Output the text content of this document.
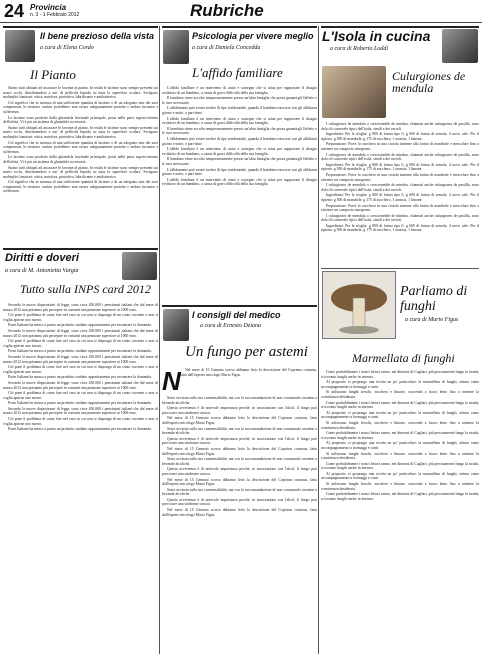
24 Provincia
n. 3 - 1 Febbraio 2012	Rubriche
Il bene prezioso della vista
a cura di Elena Cordo
Il Pianto

Siamo tutti abituati ad associare le lacrime al pianto. In realtà le lacrime sono sempre presenti sui nostri occhi, distribuendosi a mo' di pellicola liquida su tutta la superficie oculare. Svolgono molteplici funzioni: ottica, nutritiva, protettiva, lubrificante e antibatterica.

Ciò significa che in assenza di una sufficiente quantità di lacrime o di un adeguato mix dei suoi componenti, le strutture oculari potrebbero non essere adeguatamente protette e andare incontro a sofferenza.

Le lacrime sono prodotte dalla ghiandola lacrimale principale, posta nella parte supero-esterna dell'orbita. Vi è poi un sistema di ghiandole accessorie.

Siamo tutti abituati ad associare le lacrime al pianto. In realtà le lacrime sono sempre presenti sui nostri occhi, distribuendosi a mo' di pellicola liquida su tutta la superficie oculare. Svolgono molteplici funzioni: ottica, nutritiva, protettiva, lubrificante e antibatterica.

Ciò significa che in assenza di una sufficiente quantità di lacrime o di un adeguato mix dei suoi componenti, le strutture oculari potrebbero non essere adeguatamente protette e andare incontro a sofferenza.

Le lacrime sono prodotte dalla ghiandola lacrimale principale, posta nella parte supero-esterna dell'orbita. Vi è poi un sistema di ghiandole accessorie.

Siamo tutti abituati ad associare le lacrime al pianto. In realtà le lacrime sono sempre presenti sui nostri occhi, distribuendosi a mo' di pellicola liquida su tutta la superficie oculare. Svolgono molteplici funzioni: ottica, nutritiva, protettiva, lubrificante e antibatterica.

Ciò significa che in assenza di una sufficiente quantità di lacrime o di un adeguato mix dei suoi componenti, le strutture oculari potrebbero non essere adeguatamente protette e andare incontro a sofferenza.

Diritti e doveri
a cura di M. Antonietta Vurgia
Tutto sulla INPS card 2012

Secondo le nuove disposizioni di legge, sono circa 450.000 i pensionati italiani che dal mese di marzo 2012 non potranno più percepire in contanti una pensione superiore ai 1000 euro.

Ciò pone il problema di come fare nel caso in cui non si disponga di un conto corrente o non si voglia aprirne uno nuovo.

Poste Italiane ha messo a punto un prodotto studiato appositamente per incontrare la domanda.

Secondo le nuove disposizioni di legge, sono circa 450.000 i pensionati italiani che dal mese di marzo 2012 non potranno più percepire in contanti una pensione superiore ai 1000 euro.

Ciò pone il problema di come fare nel caso in cui non si disponga di un conto corrente o non si voglia aprirne uno nuovo.

Poste Italiane ha messo a punto un prodotto studiato appositamente per incontrare la domanda.

Secondo le nuove disposizioni di legge, sono circa 450.000 i pensionati italiani che dal mese di marzo 2012 non potranno più percepire in contanti una pensione superiore ai 1000 euro.

Ciò pone il problema di come fare nel caso in cui non si disponga di un conto corrente o non si voglia aprirne uno nuovo.

Poste Italiane ha messo a punto un prodotto studiato appositamente per incontrare la domanda.

Secondo le nuove disposizioni di legge, sono circa 450.000 i pensionati italiani che dal mese di marzo 2012 non potranno più percepire in contanti una pensione superiore ai 1000 euro.

Ciò pone il problema di come fare nel caso in cui non si disponga di un conto corrente o non si voglia aprirne uno nuovo.

Poste Italiane ha messo a punto un prodotto studiato appositamente per incontrare la domanda.

Secondo le nuove disposizioni di legge, sono circa 450.000 i pensionati italiani che dal mese di marzo 2012 non potranno più percepire in contanti una pensione superiore ai 1000 euro.

Ciò pone il problema di come fare nel caso in cui non si disponga di un conto corrente o non si voglia aprirne uno nuovo.

Poste Italiane ha messo a punto un prodotto studiato appositamente per incontrare la domanda.

Psicologia per vivere meglio
a cura di Daniela Concedda
L'affido familiare

L'affido familiare è un intervento di aiuto e sostegno che si attua per supportare il disagio evolutivo di un bambino, a causa di gravi difficoltà della sua famiglia.

Il bambino viene accolto temporaneamente presso un'altra famiglia che possa garantirgli l'affetto e le cure necessarie.

L'affidamento può essere inoltre di tipo residenziale, quando il bambino trascorre con gli affidatari giorno e notte, o part-time.

L'affido familiare è un intervento di aiuto e sostegno che si attua per supportare il disagio evolutivo di un bambino, a causa di gravi difficoltà della sua famiglia.

Il bambino viene accolto temporaneamente presso un'altra famiglia che possa garantirgli l'affetto e le cure necessarie.

L'affidamento può essere inoltre di tipo residenziale, quando il bambino trascorre con gli affidatari giorno e notte, o part-time.

L'affido familiare è un intervento di aiuto e sostegno che si attua per supportare il disagio evolutivo di un bambino, a causa di gravi difficoltà della sua famiglia.

Il bambino viene accolto temporaneamente presso un'altra famiglia che possa garantirgli l'affetto e le cure necessarie.

L'affidamento può essere inoltre di tipo residenziale, quando il bambino trascorre con gli affidatari giorno e notte, o part-time.

L'affido familiare è un intervento di aiuto e sostegno che si attua per supportare il disagio evolutivo di un bambino, a causa di gravi difficoltà della sua famiglia.

I consigli del medico
a cura di Ernesto Deiana
Un fungo per astemi
N	Nel mese di 15 Gennaio scorso abbiamo letto la descrizione del Coprinus comatus, fatta dall'esperto micologo Mario Figus.

Sesta avvisata sulla sua commestibilità, ma con la raccomandazione di non consumarlo assieme a bevande alcoliche.

Questa avvertenza è di notevole importanza perché, in associazione con l'alcol, il fungo può provocare una sindrome tossica.

Nel mese di 15 Gennaio scorso abbiamo letto la descrizione del Coprinus comatus, fatta dall'esperto micologo Mario Figus.

Sesta avvisata sulla sua commestibilità, ma con la raccomandazione di non consumarlo assieme a bevande alcoliche.

Questa avvertenza è di notevole importanza perché, in associazione con l'alcol, il fungo può provocare una sindrome tossica.

Nel mese di 15 Gennaio scorso abbiamo letto la descrizione del Coprinus comatus, fatta dall'esperto micologo Mario Figus.

Sesta avvisata sulla sua commestibilità, ma con la raccomandazione di non consumarlo assieme a bevande alcoliche.

Questa avvertenza è di notevole importanza perché, in associazione con l'alcol, il fungo può provocare una sindrome tossica.

Nel mese di 15 Gennaio scorso abbiamo letto la descrizione del Coprinus comatus, fatta dall'esperto micologo Mario Figus.

Sesta avvisata sulla sua commestibilità, ma con la raccomandazione di non consumarlo assieme a bevande alcoliche.

Questa avvertenza è di notevole importanza perché, in associazione con l'alcol, il fungo può provocare una sindrome tossica.

Nel mese di 15 Gennaio scorso abbiamo letto la descrizione del Coprinus comatus, fatta dall'esperto micologo Mario Figus.

L'Isola in cucina
a cura di Roberto Loddi
Culurgiones de mendula

I culurgiones de mendula o crescionedde de mindua, chiamati anche culurgiones de pastilla, sono dolci di carnevale tipici dell'isola, simili a dei ravioli.

Ingredienti: Per la sfoglia: g 800 di farina tipo 0, g 600 di farina di semola, 4 uova, sale. Per il ripieno: g 500 di mandorle, g 175 di zucchero, 1 arancia, 1 limone.

Preparazione: Porre lo zucchero in una ciotola insieme alla farina di mandorle e mescolare fino a ottenere un composto omogeneo.

I culurgiones de mendula o crescionedde de mindua, chiamati anche culurgiones de pastilla, sono dolci di carnevale tipici dell'isola, simili a dei ravioli.

Ingredienti: Per la sfoglia: g 800 di farina tipo 0, g 600 di farina di semola, 4 uova, sale. Per il ripieno: g 500 di mandorle, g 175 di zucchero, 1 arancia, 1 limone.

Preparazione: Porre lo zucchero in una ciotola insieme alla farina di mandorle e mescolare fino a ottenere un composto omogeneo.

I culurgiones de mendula o crescionedde de mindua, chiamati anche culurgiones de pastilla, sono dolci di carnevale tipici dell'isola, simili a dei ravioli.

Ingredienti: Per la sfoglia: g 800 di farina tipo 0, g 600 di farina di semola, 4 uova, sale. Per il ripieno: g 500 di mandorle, g 175 di zucchero, 1 arancia, 1 limone.

Preparazione: Porre lo zucchero in una ciotola insieme alla farina di mandorle e mescolare fino a ottenere un composto omogeneo.

I culurgiones de mendula o crescionedde de mindua, chiamati anche culurgiones de pastilla, sono dolci di carnevale tipici dell'isola, simili a dei ravioli.

Ingredienti: Per la sfoglia: g 800 di farina tipo 0, g 600 di farina di semola, 4 uova, sale. Per il ripieno: g 500 di mandorle, g 175 di zucchero, 1 arancia, 1 limone.

Parliamo di funghi
a cura di Mario Figus
Marmellata di funghi

Come probabilmente i nostri lettori sanno, nei dintorni di Cagliari, più precisamente lungo la strada, si trovano funghi anche in inverno.

Al proposito vi propongo una ricetta un po' particolare: la marmellata di funghi, ottima come accompagnamento a formaggi e carni.

Si utilizzano funghi freschi, zucchero e limone, cuocendo a fuoco lento fino a ottenere la consistenza desiderata.

Come probabilmente i nostri lettori sanno, nei dintorni di Cagliari, più precisamente lungo la strada, si trovano funghi anche in inverno.

Al proposito vi propongo una ricetta un po' particolare: la marmellata di funghi, ottima come accompagnamento a formaggi e carni.

Si utilizzano funghi freschi, zucchero e limone, cuocendo a fuoco lento fino a ottenere la consistenza desiderata.

Come probabilmente i nostri lettori sanno, nei dintorni di Cagliari, più precisamente lungo la strada, si trovano funghi anche in inverno.

Al proposito vi propongo una ricetta un po' particolare: la marmellata di funghi, ottima come accompagnamento a formaggi e carni.

Si utilizzano funghi freschi, zucchero e limone, cuocendo a fuoco lento fino a ottenere la consistenza desiderata.

Come probabilmente i nostri lettori sanno, nei dintorni di Cagliari, più precisamente lungo la strada, si trovano funghi anche in inverno.

Al proposito vi propongo una ricetta un po' particolare: la marmellata di funghi, ottima come accompagnamento a formaggi e carni.

Si utilizzano funghi freschi, zucchero e limone, cuocendo a fuoco lento fino a ottenere la consistenza desiderata.

Come probabilmente i nostri lettori sanno, nei dintorni di Cagliari, più precisamente lungo la strada, si trovano funghi anche in inverno.
